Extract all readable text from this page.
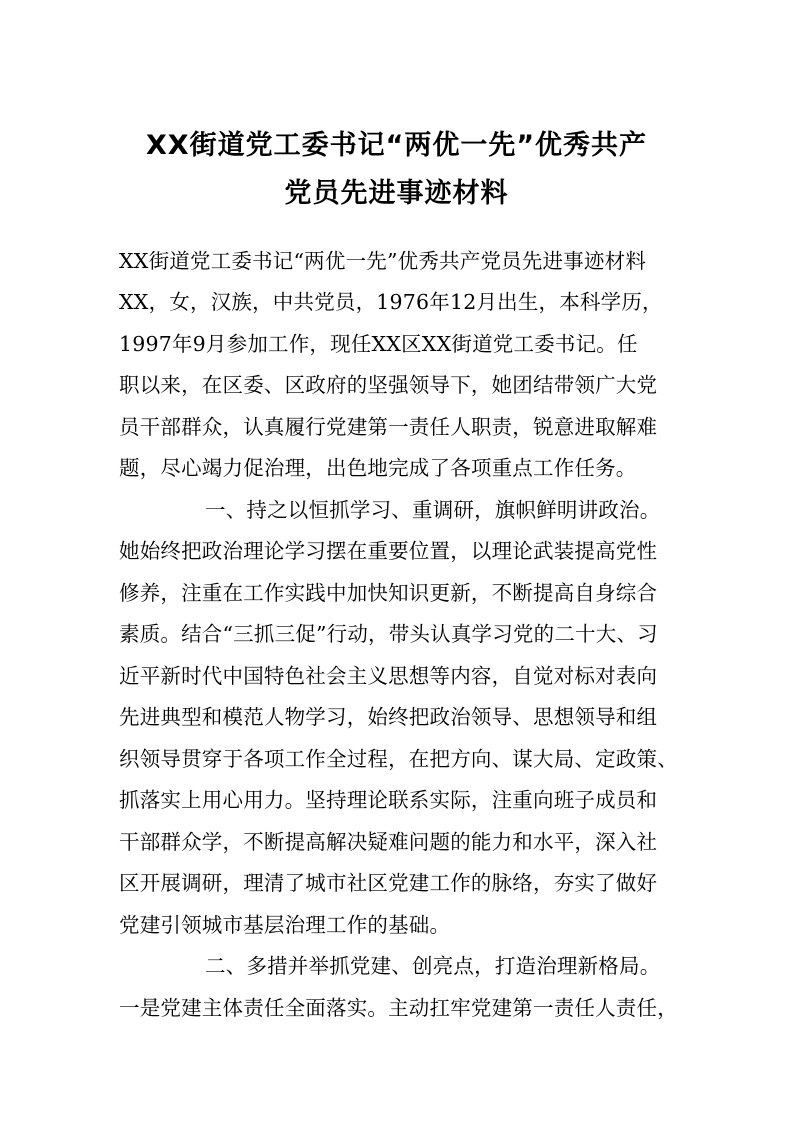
XX街道党工委书记“两优一先”优秀共产
党员先进事迹材料
XX街道党工委书记“两优一先”优秀共产党员先进事迹材料
XX，女，汉族，中共党员，1976年12月出生，本科学历，
1997年9月参加工作，现任XX区XX街道党工委书记。任
职以来，在区委、区政府的坚强领导下，她团结带领广大党
员干部群众，认真履行党建第一责任人职责，锐意进取解难
题，尽心竭力促治理，出色地完成了各项重点工作任务。
一、持之以恒抓学习、重调研，旗帜鲜明讲政治。
她始终把政治理论学习摆在重要位置，以理论武装提高党性
修养，注重在工作实践中加快知识更新，不断提高自身综合
素质。结合“三抓三促”行动，带头认真学习党的二十大、习
近平新时代中国特色社会主义思想等内容，自觉对标对表向
先进典型和模范人物学习，始终把政治领导、思想领导和组
织领导贯穿于各项工作全过程，在把方向、谋大局、定政策、
抓落实上用心用力。坚持理论联系实际，注重向班子成员和
干部群众学，不断提高解决疑难问题的能力和水平，深入社
区开展调研，理清了城市社区党建工作的脉络，夯实了做好
党建引领城市基层治理工作的基础。
二、多措并举抓党建、创亮点，打造治理新格局。
一是党建主体责任全面落实。主动扛牢党建第一责任人责任，
